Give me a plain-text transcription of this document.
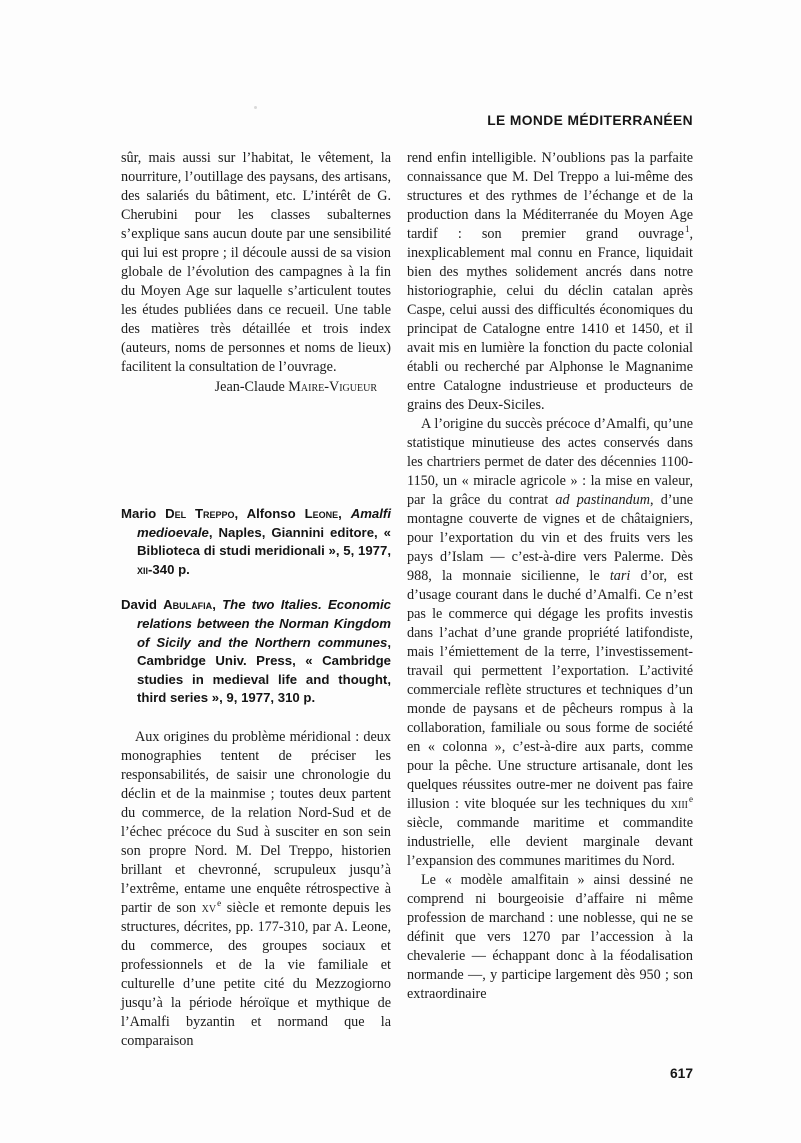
LE MONDE MÉDITERRANÉEN

sûr, mais aussi sur l’habitat, le vêtement, la nourriture, l’outillage des paysans, des artisans, des salariés du bâtiment, etc. L’intérêt de G. Cherubini pour les classes subalternes s’explique sans aucun doute par une sensibilité qui lui est propre ; il découle aussi de sa vision globale de l’évolution des campagnes à la fin du Moyen Age sur laquelle s’articulent toutes les études publiées dans ce recueil. Une table des matières très détaillée et trois index (auteurs, noms de personnes et noms de lieux) facilitent la consultation de l’ouvrage.

Jean-Claude Maire-Vigueur

Mario Del Treppo, Alfonso Leone, Amalfi medioevale, Naples, Giannini editore, « Biblioteca di studi meridionali », 5, 1977, xii-340 p.

David Abulafia, The two Italies. Economic relations between the Norman Kingdom of Sicily and the Northern communes, Cambridge Univ. Press, « Cambridge studies in medieval life and thought, third series », 9, 1977, 310 p.

Aux origines du problème méridional : deux monographies tentent de préciser les responsabilités, de saisir une chronologie du déclin et de la mainmise ; toutes deux partent du commerce, de la relation Nord-Sud et de l’échec précoce du Sud à susciter en son sein son propre Nord. M. Del Treppo, historien brillant et chevronné, scrupuleux jusqu’à l’extrême, entame une enquête rétrospective à partir de son $xv^e$ siècle et remonte depuis les structures, décrites, pp. 177-310, par A. Leone, du commerce, des groupes sociaux et professionnels et de la vie familiale et culturelle d’une petite cité du Mezzogiorno jusqu’à la période héroïque et mythique de l’Amalfi byzantin et normand que la comparaison

rend enfin intelligible. N’oublions pas la parfaite connaissance que M. Del Treppo a lui-même des structures et des rythmes de l’échange et de la production dans la Méditerranée du Moyen Age tardif : son premier grand ouvrage$^1$, inexplicablement mal connu en France, liquidait bien des mythes solidement ancrés dans notre historiographie, celui du déclin catalan après Caspe, celui aussi des difficultés économiques du principat de Catalogne entre 1410 et 1450, et il avait mis en lumière la fonction du pacte colonial établi ou recherché par Alphonse le Magnanime entre Catalogne industrieuse et producteurs de grains des Deux-Siciles.

A l’origine du succès précoce d’Amalfi, qu’une statistique minutieuse des actes conservés dans les chartriers permet de dater des décennies 1100-1150, un « miracle agricole » : la mise en valeur, par la grâce du contrat ad pastinandum, d’une montagne couverte de vignes et de châtaigniers, pour l’exportation du vin et des fruits vers les pays d’Islam — c’est-à-dire vers Palerme. Dès 988, la monnaie sicilienne, le tari d’or, est d’usage courant dans le duché d’Amalfi. Ce n’est pas le commerce qui dégage les profits investis dans l’achat d’une grande propriété latifondiste, mais l’émiettement de la terre, l’investissement-travail qui permettent l’exportation. L’activité commerciale reflète structures et techniques d’un monde de paysans et de pêcheurs rompus à la collaboration, familiale ou sous forme de société en « colonna », c’est-à-dire aux parts, comme pour la pêche. Une structure artisanale, dont les quelques réussites outre-mer ne doivent pas faire illusion : vite bloquée sur les techniques du xiii$^e$ siècle, commande maritime et commandite industrielle, elle devient marginale devant l’expansion des communes maritimes du Nord.

Le « modèle amalfitain » ainsi dessiné ne comprend ni bourgeoisie d’affaire ni même profession de marchand : une noblesse, qui ne se définit que vers 1270 par l’accession à la chevalerie — échappant donc à la féodalisation normande —, y participe largement dès 950 ; son extraordinaire

617
